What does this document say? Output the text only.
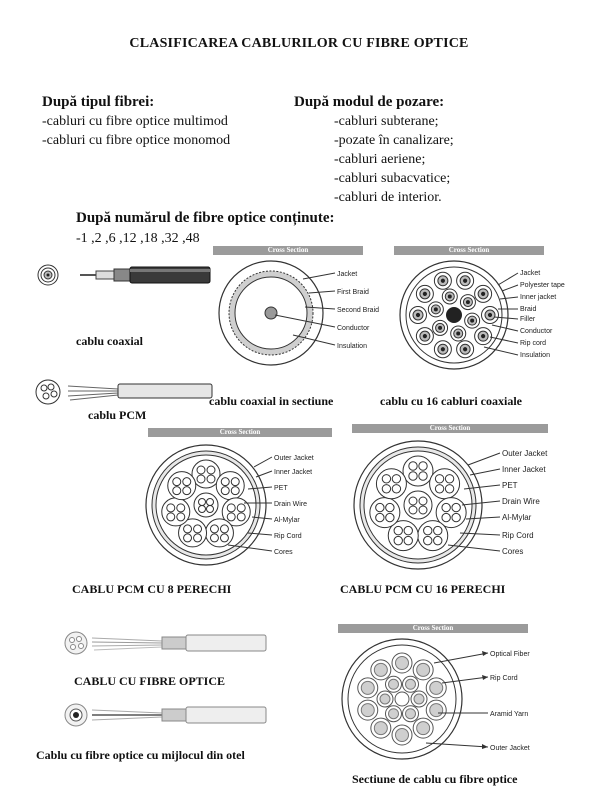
CLASIFICAREA CABLURILOR CU FIBRE OPTICE
După tipul fibrei:
-cabluri cu fibre optice multimod
-cabluri cu fibre optice monomod
După modul de pozare:
-cabluri subterane;
-pozate în canalizare;
-cabluri aeriene;
-cabluri subacvatice;
-cabluri de interior.
După numărul de fibre optice conținute:
-1 ,2 ,6 ,12 ,18 ,32 ,48
cablu coaxial
cablu PCM
Cross Section
Jacket
First Braid
Second Braid
Conductor
Insulation
cablu coaxial in sectiune
Cross Section
Jacket
Polyester tape
Inner jacket
Braid
Filler
Conductor
Rip cord
Insulation
cablu cu 16 cabluri coaxiale
Cross Section
Outer Jacket
Inner Jacket
PET
Drain Wire
Al-Mylar
Rip Cord
Cores
CABLU PCM CU 8 PERECHI
Cross Section
Outer Jacket
Inner Jacket
PET
Drain Wire
Al-Mylar
Rip Cord
Cores
CABLU PCM CU 16 PERECHI
CABLU CU FIBRE OPTICE
Cablu cu fibre optice cu mijlocul din otel
Cross Section
Optical Fiber
Rip Cord
Aramid Yarn
Outer Jacket
Sectiune de cablu cu fibre optice
